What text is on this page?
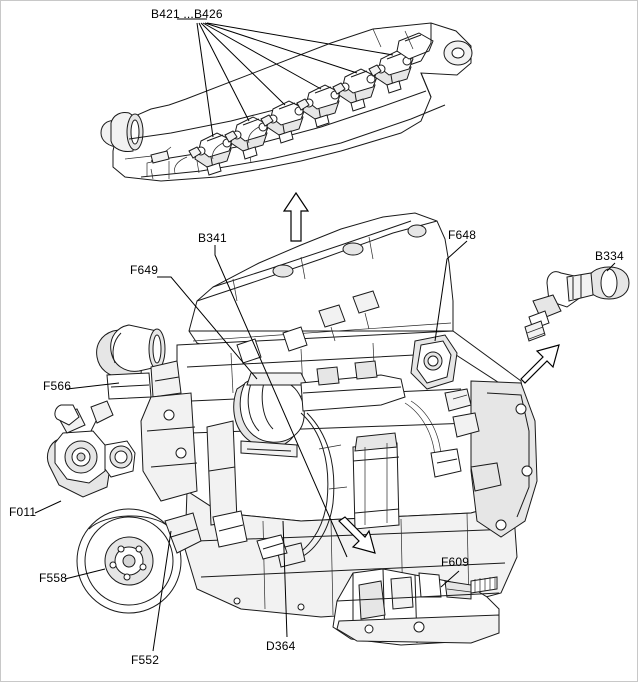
B421 ...B426
B341	F648
B334
F649
F566
F011
F558
F552
D364
F609
